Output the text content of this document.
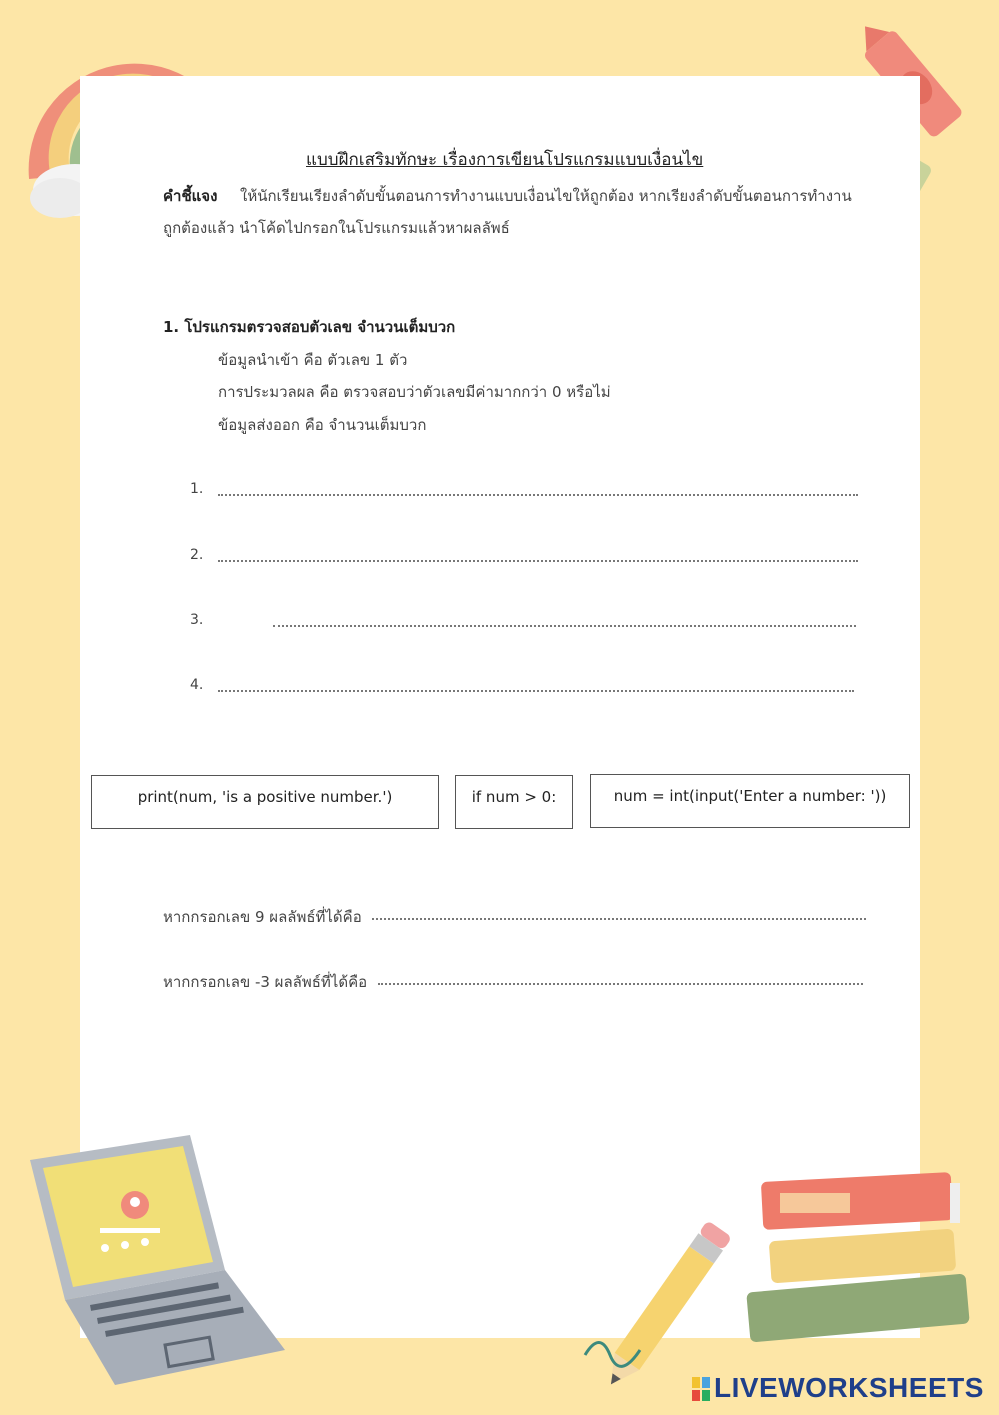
แบบฝึกเสริมทักษะ เรื่องการเขียนโปรแกรมแบบเงื่อนไข
คำชี้แจง ให้นักเรียนเรียงลำดับขั้นตอนการทำงานแบบเงื่อนไขให้ถูกต้อง หากเรียงลำดับขั้นตอนการทำงาน
ถูกต้องแล้ว นำโค้ดไปกรอกในโปรแกรมแล้วหาผลลัพธ์
1. โปรแกรมตรวจสอบตัวเลข จำนวนเต็มบวก
ข้อมูลนำเข้า คือ ตัวเลข 1 ตัว
การประมวลผล คือ ตรวจสอบว่าตัวเลขมีค่ามากกว่า 0 หรือไม่
ข้อมูลส่งออก คือ จำนวนเต็มบวก
1.
2.
3.
4.
print(num, 'is a positive number.')	if num > 0:	num = int(input('Enter a number: '))
หากกรอกเลข 9 ผลลัพธ์ที่ได้คือ
หากกรอกเลข -3 ผลลัพธ์ที่ได้คือ
LIVEWORKSHEETS
